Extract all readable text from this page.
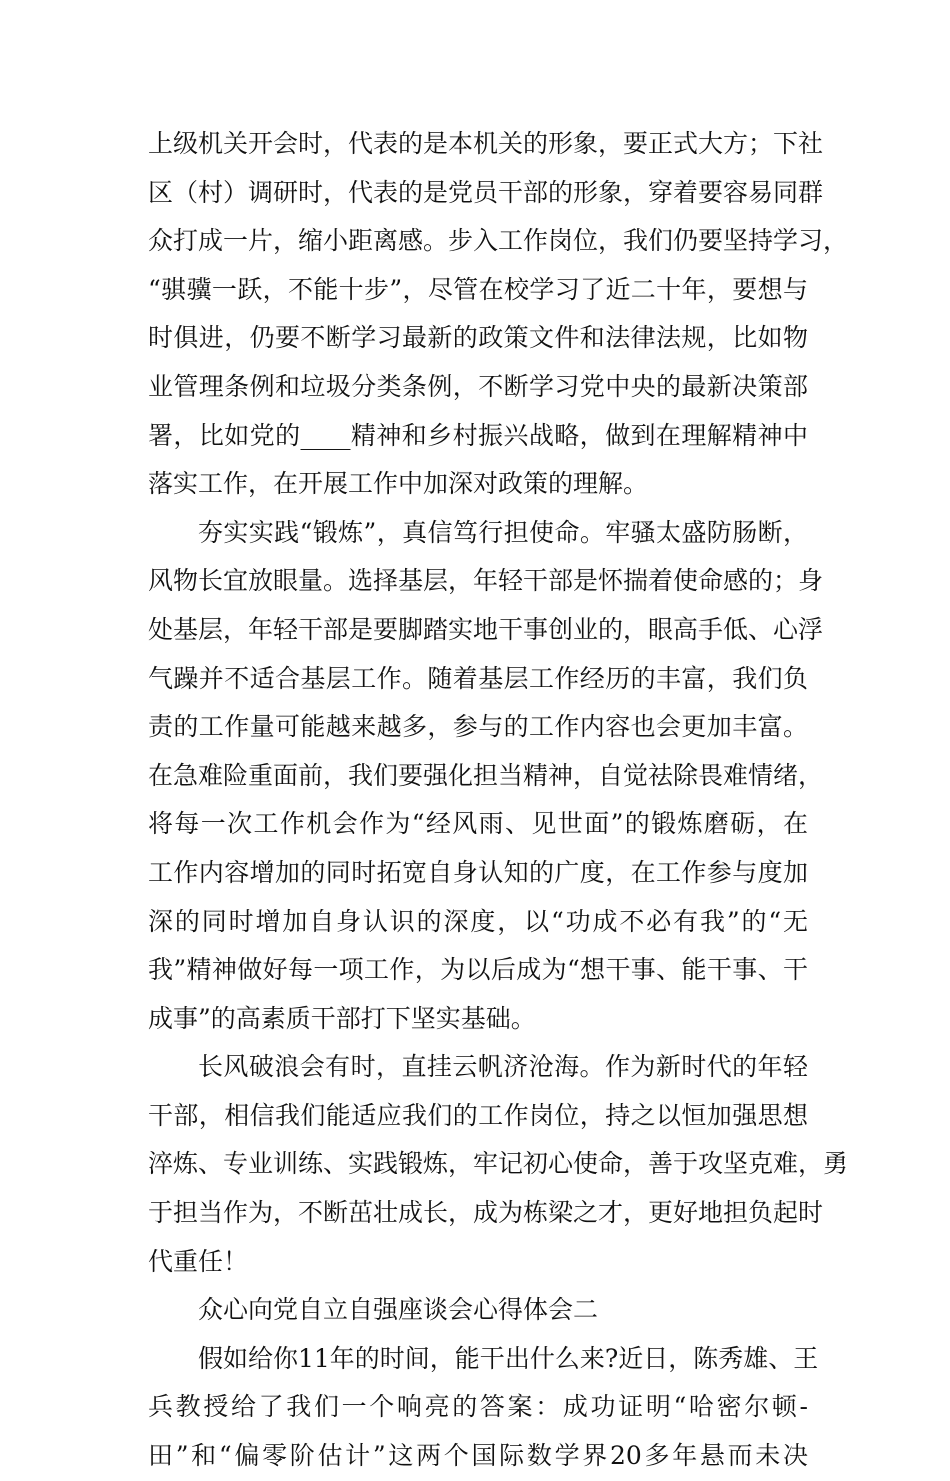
上级机关开会时，代表的是本机关的形象，要正式大方；下社
区（村）调研时，代表的是党员干部的形象，穿着要容易同群
众打成一片，缩小距离感。步入工作岗位，我们仍要坚持学习，
“骐骥一跃，不能十步”，尽管在校学习了近二十年，要想与
时俱进，仍要不断学习最新的政策文件和法律法规，比如物
业管理条例和垃圾分类条例，不断学习党中央的最新决策部
署，比如党的____精神和乡村振兴战略，做到在理解精神中
落实工作，在开展工作中加深对政策的理解。
夯实实践“锻炼”，真信笃行担使命。牢骚太盛防肠断，
风物长宜放眼量。选择基层，年轻干部是怀揣着使命感的；身
处基层，年轻干部是要脚踏实地干事创业的，眼高手低、心浮
气躁并不适合基层工作。随着基层工作经历的丰富，我们负
责的工作量可能越来越多，参与的工作内容也会更加丰富。
在急难险重面前，我们要强化担当精神，自觉祛除畏难情绪，
将每一次工作机会作为“经风雨、见世面”的锻炼磨砺，在
工作内容增加的同时拓宽自身认知的广度，在工作参与度加
深的同时增加自身认识的深度，以“功成不必有我”的“无
我”精神做好每一项工作，为以后成为“想干事、能干事、干
成事”的高素质干部打下坚实基础。
长风破浪会有时，直挂云帆济沧海。作为新时代的年轻
干部，相信我们能适应我们的工作岗位，持之以恒加强思想
淬炼、专业训练、实践锻炼，牢记初心使命，善于攻坚克难，勇
于担当作为，不断茁壮成长，成为栋梁之才，更好地担负起时
代重任！
众心向党自立自强座谈会心得体会二
假如给你11年的时间，能干出什么来?近日，陈秀雄、王
兵教授给了我们一个响亮的答案：成功证明“哈密尔顿-
田”和“偏零阶估计”这两个国际数学界20多年悬而未决
